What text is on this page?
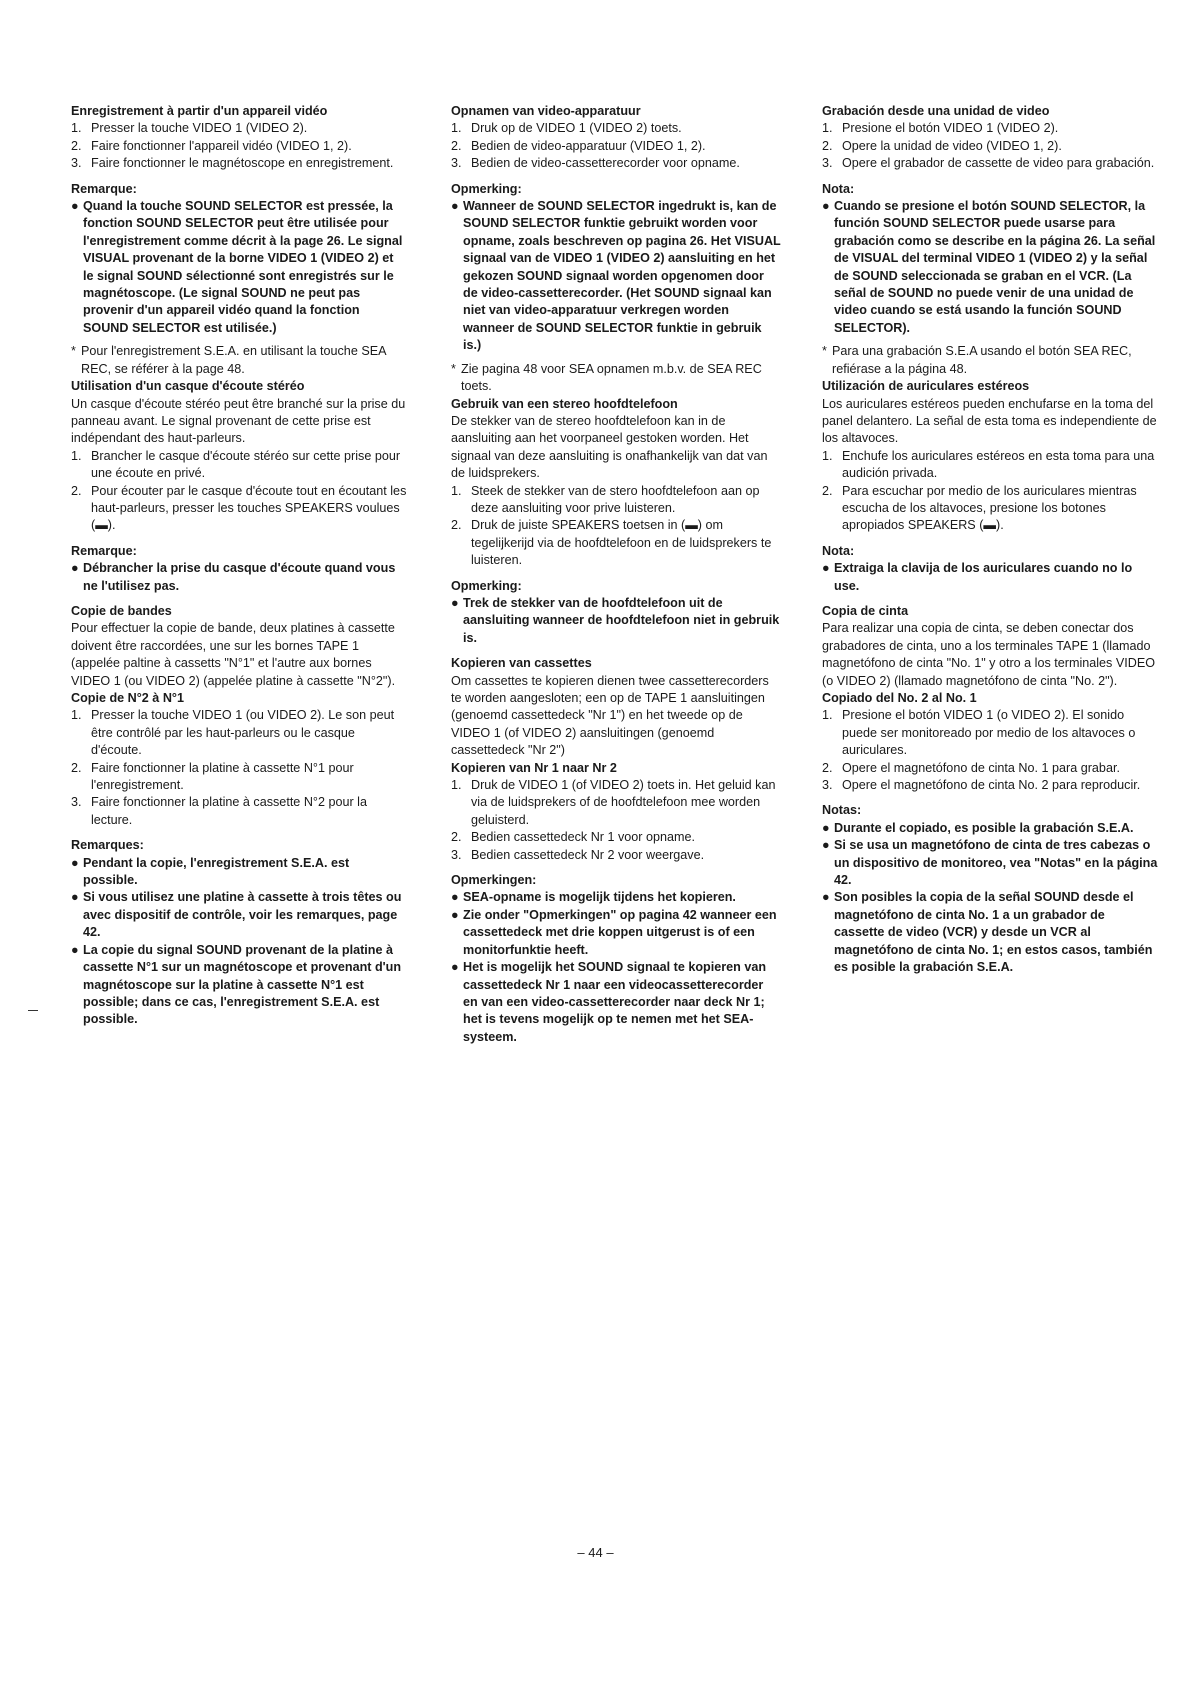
Enregistrement à partir d'un appareil vidéo
1. Presser la touche VIDEO 1 (VIDEO 2).
2. Faire fonctionner l'appareil vidéo (VIDEO 1, 2).
3. Faire fonctionner le magnétoscope en enregistrement.
Remarque:
● Quand la touche SOUND SELECTOR est pressée, la fonction SOUND SELECTOR peut être utilisée pour l'enregistrement comme décrit à la page 26. Le signal VISUAL provenant de la borne VIDEO 1 (VIDEO 2) et le signal SOUND sélectionné sont enregistrés sur le magnétoscope. (Le signal SOUND ne peut pas provenir d'un appareil vidéo quand la fonction SOUND SELECTOR est utilisée.)
* Pour l'enregistrement S.E.A. en utilisant la touche SEA REC, se référer à la page 48.
Utilisation d'un casque d'écoute stéréo

Un casque d'écoute stéréo peut être branché sur la prise du panneau avant. Le signal provenant de cette prise est indépendant des haut-parleurs.

1. Brancher le casque d'écoute stéréo sur cette prise pour une écoute en privé.
2. Pour écouter par le casque d'écoute tout en écoutant les haut-parleurs, presser les touches SPEAKERS voulues (▬).
Remarque:
● Débrancher la prise du casque d'écoute quand vous ne l'utilisez pas.
Copie de bandes

Pour effectuer la copie de bande, deux platines à cassette doivent être raccordées, une sur les bornes TAPE 1 (appelée paltine à cassetts "N°1" et l'autre aux bornes VIDEO 1 (ou VIDEO 2) (appelée platine à cassette "N°2").

Copie de N°2 à N°1
1. Presser la touche VIDEO 1 (ou VIDEO 2). Le son peut être contrôlé par les haut-parleurs ou le casque d'écoute.
2. Faire fonctionner la platine à cassette N°1 pour l'enregistrement.
3. Faire fonctionner la platine à cassette N°2 pour la lecture.
Remarques:
● Pendant la copie, l'enregistrement S.E.A. est possible.
● Si vous utilisez une platine à cassette à trois têtes ou avec dispositif de contrôle, voir les remarques, page 42.
● La copie du signal SOUND provenant de la platine à cassette N°1 sur un magnétoscope et provenant d'un magnétoscope sur la platine à cassette N°1 est possible; dans ce cas, l'enregistrement S.E.A. est possible.
Opnamen van video-apparatuur
1. Druk op de VIDEO 1 (VIDEO 2) toets.
2. Bedien de video-apparatuur (VIDEO 1, 2).
3. Bedien de video-cassetterecorder voor opname.
Opmerking:
● Wanneer de SOUND SELECTOR ingedrukt is, kan de SOUND SELECTOR funktie gebruikt worden voor opname, zoals beschreven op pagina 26. Het VISUAL signaal van de VIDEO 1 (VIDEO 2) aansluiting en het gekozen SOUND signaal worden opgenomen door de video-cassetterecorder. (Het SOUND signaal kan niet van video-apparatuur verkregen worden wanneer de SOUND SELECTOR funktie in gebruik is.)
* Zie pagina 48 voor SEA opnamen m.b.v. de SEA REC toets.
Gebruik van een stereo hoofdtelefoon

De stekker van de stereo hoofdtelefoon kan in de aansluiting aan het voorpaneel gestoken worden. Het signaal van deze aansluiting is onafhankelijk van dat van de luidsprekers.

1. Steek de stekker van de stero hoofdtelefoon aan op deze aansluiting voor prive luisteren.
2. Druk de juiste SPEAKERS toetsen in (▬) om tegelijkerijd via de hoofdtelefoon en de luidsprekers te luisteren.
Opmerking:
● Trek de stekker van de hoofdtelefoon uit de aansluiting wanneer de hoofdtelefoon niet in gebruik is.
Kopieren van cassettes

Om cassettes te kopieren dienen twee cassetterecorders te worden aangesloten; een op de TAPE 1 aansluitingen (genoemd cassettedeck "Nr 1") en het tweede op de VIDEO 1 (of VIDEO 2) aansluitingen (genoemd cassettedeck "Nr 2")

Kopieren van Nr 1 naar Nr 2
1. Druk de VIDEO 1 (of VIDEO 2) toets in. Het geluid kan via de luidsprekers of de hoofdtelefoon mee worden geluisterd.
2. Bedien cassettedeck Nr 1 voor opname.
3. Bedien cassettedeck Nr 2 voor weergave.
Opmerkingen:
● SEA-opname is mogelijk tijdens het kopieren.
● Zie onder "Opmerkingen" op pagina 42 wanneer een cassettedeck met drie koppen uitgerust is of een monitorfunktie heeft.
● Het is mogelijk het SOUND signaal te kopieren van cassettedeck Nr 1 naar een videocassetterecorder en van een video-cassetterecorder naar deck Nr 1; het is tevens mogelijk op te nemen met het SEA-systeem.
Grabación desde una unidad de video
1. Presione el botón VIDEO 1 (VIDEO 2).
2. Opere la unidad de video (VIDEO 1, 2).
3. Opere el grabador de cassette de video para grabación.
Nota:
● Cuando se presione el botón SOUND SELECTOR, la función SOUND SELECTOR puede usarse para grabación como se describe en la página 26. La señal de VISUAL del terminal VIDEO 1 (VIDEO 2) y la señal de SOUND seleccionada se graban en el VCR. (La señal de SOUND no puede venir de una unidad de video cuando se está usando la función SOUND SELECTOR).
* Para una grabación S.E.A usando el botón SEA REC, refiérase a la página 48.
Utilización de auriculares estéreos

Los auriculares estéreos pueden enchufarse en la toma del panel delantero. La señal de esta toma es independiente de los altavoces.

1. Enchufe los auriculares estéreos en esta toma para una audición privada.
2. Para escuchar por medio de los auriculares mientras escucha de los altavoces, presione los botones apropiados SPEAKERS (▬).
Nota:
● Extraiga la clavija de los auriculares cuando no lo use.
Copia de cinta

Para realizar una copia de cinta, se deben conectar dos grabadores de cinta, uno a los terminales TAPE 1 (llamado magnetófono de cinta "No. 1" y otro a los terminales VIDEO (o VIDEO 2) (llamado magnetófono de cinta "No. 2").

Copiado del No. 2 al No. 1
1. Presione el botón VIDEO 1 (o VIDEO 2). El sonido puede ser monitoreado por medio de los altavoces o auriculares.
2. Opere el magnetófono de cinta No. 1 para grabar.
3. Opere el magnetófono de cinta No. 2 para reproducir.
Notas:
● Durante el copiado, es posible la grabación S.E.A.
● Si se usa un magnetófono de cinta de tres cabezas o un dispositivo de monitoreo, vea "Notas" en la página 42.
● Son posibles la copia de la señal SOUND desde el magnetófono de cinta No. 1 a un grabador de cassette de video (VCR) y desde un VCR al magnetófono de cinta No. 1; en estos casos, también es posible la grabación S.E.A.
– 44 –
